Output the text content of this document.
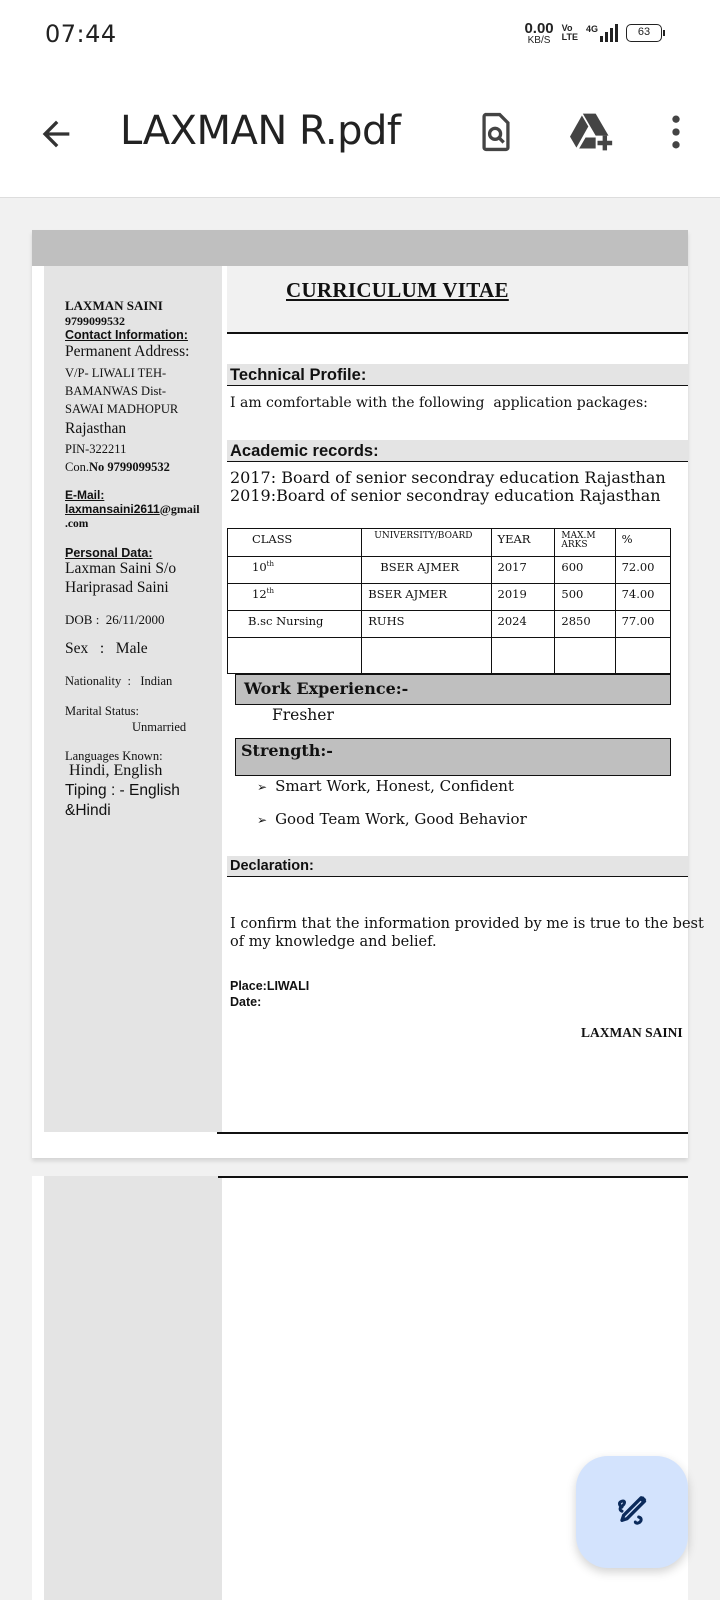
07:44	0.00
KB/S
Vo
LTE
4G	63
LAXMAN R.pdf
LAXMAN SAINI
9799099532
Contact Information:
Permanent Address:
V/P- LIWALI TEH-
BAMANWAS Dist-
SAWAI MADHOPUR
Rajasthan
PIN-322211
Con.No 9799099532
E-Mail:
laxmansaini2611@gmail
.com
Personal Data:
Laxman Saini S/o
Hariprasad Saini
DOB :  26/11/2000
Sex   :   Male
Nationality  :   Indian
Marital Status:
Unmarried
Languages Known:
Hindi, English
Tiping : - English
&Hindi
CURRICULUM VITAE
Technical Profile:
I am comfortable with the following  application packages:
Academic records:
2017: Board of senior secondray education Rajasthan
2019:Board of senior secondray education Rajasthan
CLASS	UNIVERSITY/BOARD	YEAR	MAX.M ARKS	%
10th	BSER AJMER	2017	600	72.00
12th	BSER AJMER	2019	500	74.00
B.sc Nursing	RUHS	2024	2850	77.00

Work Experience:-
Fresher
Strength:-
➢ Smart Work, Honest, Confident
➢ Good Team Work, Good Behavior
Declaration:
I confirm that the information provided by me is true to the best
of my knowledge and belief.
Place:LIWALI
Date:
LAXMAN SAINI
